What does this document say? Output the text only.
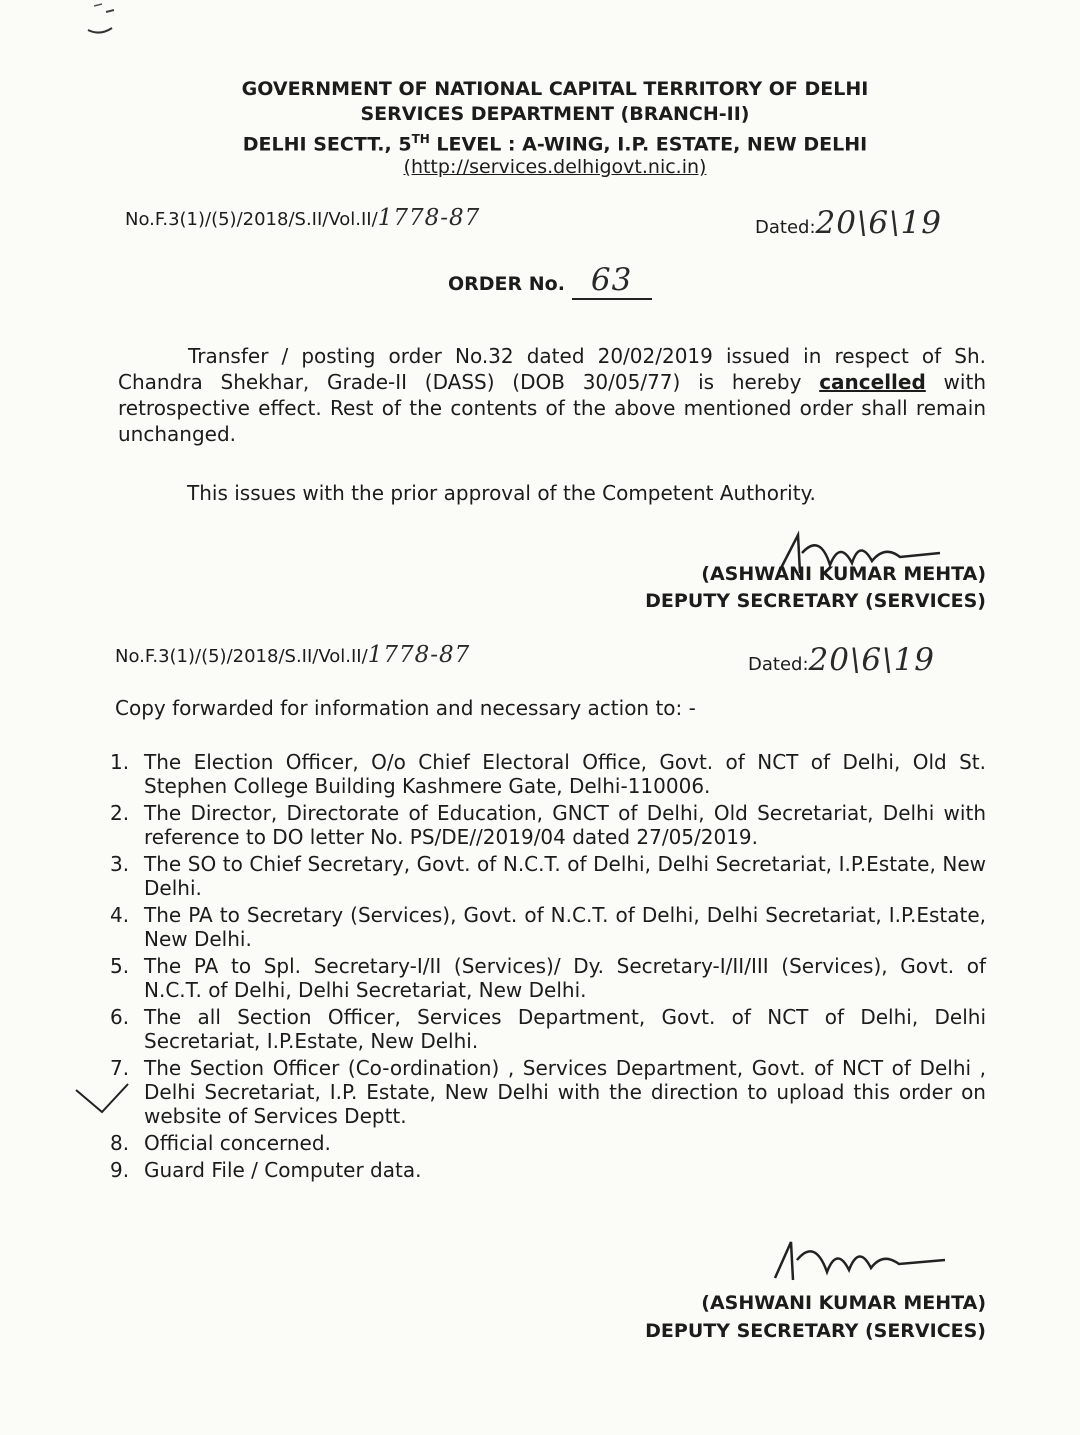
GOVERNMENT OF NATIONAL CAPITAL TERRITORY OF DELHI
SERVICES DEPARTMENT (BRANCH-II)
DELHI SECTT., 5TH LEVEL : A-WING, I.P. ESTATE, NEW DELHI
(http://services.delhigovt.nic.in)
No.F.3(1)/(5)/2018/S.II/Vol.II/1778-87	Dated:20\6\19
ORDER No. 63
Transfer / posting order No.32 dated 20/02/2019 issued in respect of Sh. Chandra Shekhar, Grade-II (DASS) (DOB 30/05/77) is hereby cancelled with retrospective effect. Rest of the contents of the above mentioned order shall remain unchanged.
This issues with the prior approval of the Competent Authority.
(ASHWANI KUMAR MEHTA)
DEPUTY SECRETARY (SERVICES)
No.F.3(1)/(5)/2018/S.II/Vol.II/1778-87	Dated:20\6\19
Copy forwarded for information and necessary action to: -
1. The Election Officer, O/o Chief Electoral Office, Govt. of NCT of Delhi, Old St. Stephen College Building Kashmere Gate, Delhi-110006.
2. The Director, Directorate of Education, GNCT of Delhi, Old Secretariat, Delhi with reference to DO letter No. PS/DE//2019/04 dated 27/05/2019.
3. The SO to Chief Secretary, Govt. of N.C.T. of Delhi, Delhi Secretariat, I.P.Estate, New Delhi.
4. The PA to Secretary (Services), Govt. of N.C.T. of Delhi, Delhi Secretariat, I.P.Estate, New Delhi.
5. The PA to Spl. Secretary-I/II (Services)/ Dy. Secretary-I/II/III (Services), Govt. of N.C.T. of Delhi, Delhi Secretariat, New Delhi.
6. The all Section Officer, Services Department, Govt. of NCT of Delhi, Delhi Secretariat, I.P.Estate, New Delhi.
7. The Section Officer (Co-ordination) , Services Department, Govt. of NCT of Delhi , Delhi Secretariat, I.P. Estate, New Delhi with the direction to upload this order on website of Services Deptt.
8. Official concerned.
9. Guard File / Computer data.
(ASHWANI KUMAR MEHTA)
DEPUTY SECRETARY (SERVICES)
